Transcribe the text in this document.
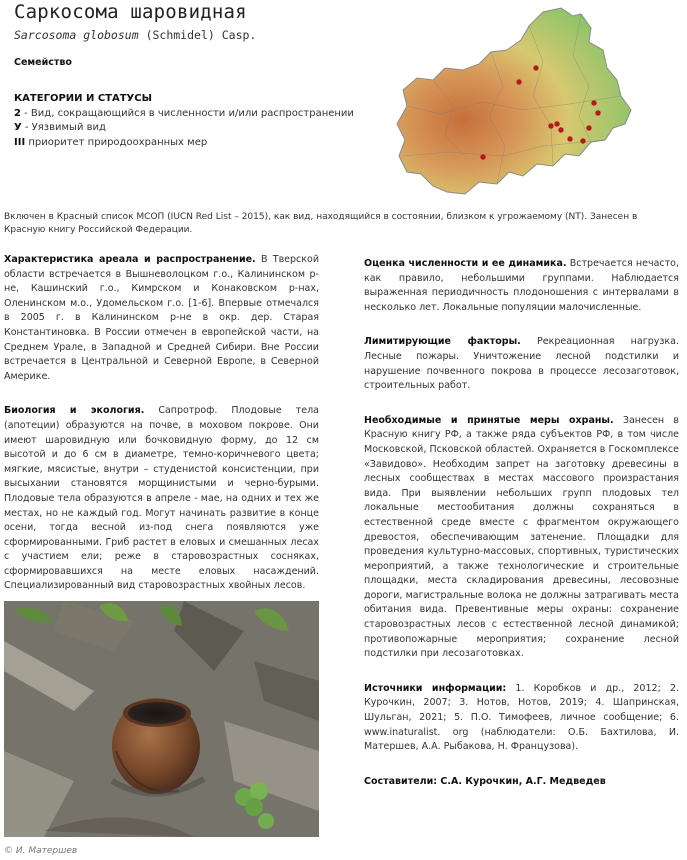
Саркосома шаровидная
Sarcosoma globosum (Schmidel) Casp.
Семейство
КАТЕГОРИИ И СТАТУСЫ
2 - Вид, сокращающийся в численности и/или распространении
У - Уязвимый вид
III приоритет природоохранных мер
Включен в Красный список МСОП (IUCN Red List – 2015), как вид, находящийся в состоянии, близком к угрожаемому (NT). Занесен в Красную книгу Российской Федерации.

Характеристика ареала и распространение. В Тверской области встречается в Вышневолоцком г.о., Калининском р-не, Кашинский г.о., Кимрском и Конаковском р-нах, Оленинском м.о., Удомельском г.о. [1-6]. Впервые отмечался в 2005 г. в Калининском р-не в окр. дер. Старая Константиновка. В России отмечен в европейской части, на Среднем Урале, в Западной и Средней Сибири. Вне России встречается в Центральной и Северной Европе, в Северной Америке.

Биология и экология. Сапротроф. Плодовые тела (апотеции) образуются на почве, в моховом покрове. Они имеют шаровидную или бочковидную форму, до 12 см высотой и до 6 см в диаметре, темно-коричневого цвета; мягкие, мясистые, внутри – студенистой консистенции, при высыхании становятся морщинистыми и черно-бурыми. Плодовые тела образуются в апреле - мае, на одних и тех же местах, но не каждый год. Могут начинать развитие в конце осени, тогда весной из-под снега появляются уже сформированными. Гриб растет в еловых и смешанных лесах с участием ели; реже в старовозрастных сосняках, сформировавшихся на месте еловых насаждений. Специализированный вид старовозрастных хвойных лесов.

© И. Матершев

Оценка численности и ее динамика. Встречается нечасто, как правило, небольшими группами. Наблюдается выраженная периодичность плодоношения с интервалами в несколько лет. Локальные популяции малочисленные.

Лимитирующие факторы. Рекреационная нагрузка. Лесные пожары. Уничтожение лесной подстилки и нарушение почвенного покрова в процессе лесозаготовок, строительных работ.

Необходимые и принятые меры охраны. Занесен в Красную книгу РФ, а также ряда субъектов РФ, в том числе Московской, Псковской областей. Охраняется в Госкомплексе «Завидово». Необходим запрет на заготовку древесины в лесных сообществах в местах массового произрастания вида. При выявлении небольших групп плодовых тел локальные местообитания должны сохраняться в естественной среде вместе с фрагментом окружающего древостоя, обеспечивающим затенение. Площадки для проведения культурно-массовых, спортивных, туристических мероприятий, а также технологические и строительные площадки, места складирования древесины, лесовозные дороги, магистральные волока не должны затрагивать места обитания вида. Превентивные меры охраны: сохранение старовозрастных лесов с естественной лесной динамикой; противопожарные мероприятия; сохранение лесной подстилки при лесозаготовках.

Источники информации: 1. Коробков и др., 2012; 2. Курочкин, 2007; 3. Нотов, Нотов, 2019; 4. Шапринская, Шульган, 2021; 5. П.О. Тимофеев, личное сообщение; 6. www.inaturalist. org (наблюдатели: О.Б. Бахтилова, И. Матершев, А.А. Рыбакова, Н. Французова).

Составители: С.А. Курочкин, А.Г. Медведев
